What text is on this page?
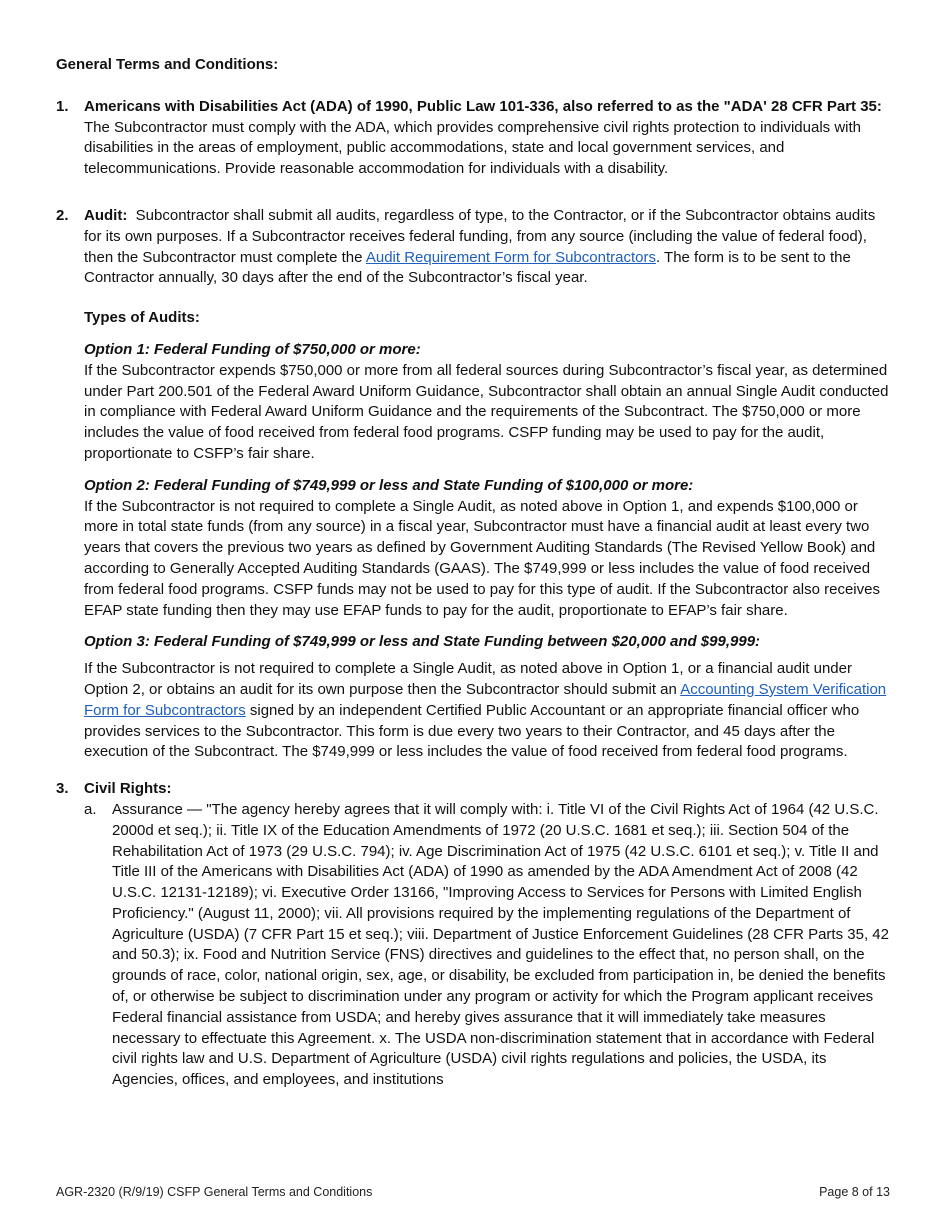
General Terms and Conditions:

1. Americans with Disabilities Act (ADA) of 1990, Public Law 101-336, also referred to as the "ADA' 28 CFR Part 35:

The Subcontractor must comply with the ADA, which provides comprehensive civil rights protection to individuals with disabilities in the areas of employment, public accommodations, state and local government services, and telecommunications. Provide reasonable accommodation for individuals with a disability.

2. Audit: Subcontractor shall submit all audits, regardless of type, to the Contractor, or if the Subcontractor obtains audits for its own purposes. If a Subcontractor receives federal funding, from any source (including the value of federal food), then the Subcontractor must complete the Audit Requirement Form for Subcontractors. The form is to be sent to the Contractor annually, 30 days after the end of the Subcontractor’s fiscal year.

Types of Audits:

Option 1: Federal Funding of $750,000 or more:

If the Subcontractor expends $750,000 or more from all federal sources during Subcontractor’s fiscal year, as determined under Part 200.501 of the Federal Award Uniform Guidance, Subcontractor shall obtain an annual Single Audit conducted in compliance with Federal Award Uniform Guidance and the requirements of the Subcontract. The $750,000 or more includes the value of food received from federal food programs. CSFP funding may be used to pay for the audit, proportionate to CSFP’s fair share.

Option 2: Federal Funding of $749,999 or less and State Funding of $100,000 or more:

If the Subcontractor is not required to complete a Single Audit, as noted above in Option 1, and expends $100,000 or more in total state funds (from any source) in a fiscal year, Subcontractor must have a financial audit at least every two years that covers the previous two years as defined by Government Auditing Standards (The Revised Yellow Book) and according to Generally Accepted Auditing Standards (GAAS). The $749,999 or less includes the value of food received from federal food programs. CSFP funds may not be used to pay for this type of audit. If the Subcontractor also receives EFAP state funding then they may use EFAP funds to pay for the audit, proportionate to EFAP’s fair share.

Option 3: Federal Funding of $749,999 or less and State Funding between $20,000 and $99,999:

If the Subcontractor is not required to complete a Single Audit, as noted above in Option 1, or a financial audit under Option 2, or obtains an audit for its own purpose then the Subcontractor should submit an Accounting System Verification Form for Subcontractors signed by an independent Certified Public Accountant or an appropriate financial officer who provides services to the Subcontractor. This form is due every two years to their Contractor, and 45 days after the execution of the Subcontract. The $749,999 or less includes the value of food received from federal food programs.

3. Civil Rights:

a. Assurance — "The agency hereby agrees that it will comply with: i. Title VI of the Civil Rights Act of 1964 (42 U.S.C. 2000d et seq.); ii. Title IX of the Education Amendments of 1972 (20 U.S.C. 1681 et seq.); iii. Section 504 of the Rehabilitation Act of 1973 (29 U.S.C. 794); iv. Age Discrimination Act of 1975 (42 U.S.C. 6101 et seq.); v. Title II and Title III of the Americans with Disabilities Act (ADA) of 1990 as amended by the ADA Amendment Act of 2008 (42 U.S.C. 12131-12189); vi. Executive Order 13166, "Improving Access to Services for Persons with Limited English Proficiency." (August 11, 2000); vii. All provisions required by the implementing regulations of the Department of Agriculture (USDA) (7 CFR Part 15 et seq.); viii. Department of Justice Enforcement Guidelines (28 CFR Parts 35, 42 and 50.3); ix. Food and Nutrition Service (FNS) directives and guidelines to the effect that, no person shall, on the grounds of race, color, national origin, sex, age, or disability, be excluded from participation in, be denied the benefits of, or otherwise be subject to discrimination under any program or activity for which the Program applicant receives Federal financial assistance from USDA; and hereby gives assurance that it will immediately take measures necessary to effectuate this Agreement. x. The USDA non-discrimination statement that in accordance with Federal civil rights law and U.S. Department of Agriculture (USDA) civil rights regulations and policies, the USDA, its Agencies, offices, and employees, and institutions

AGR-2320 (R/9/19) CSFP General Terms and Conditions	Page 8 of 13
